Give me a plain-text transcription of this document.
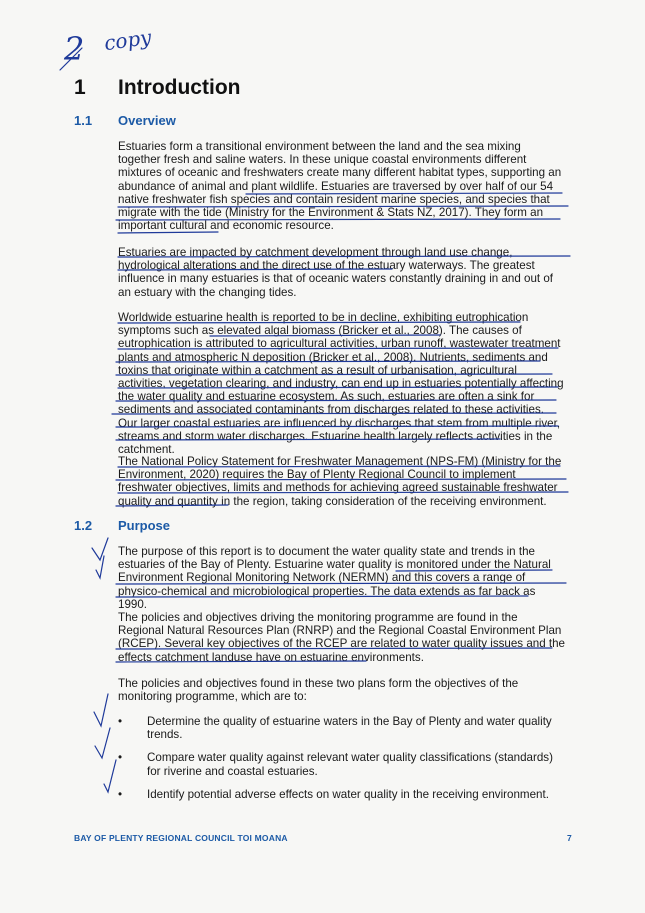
2 copy
1 Introduction
1.1 Overview

Estuaries form a transitional environment between the land and the sea mixing together fresh and saline waters. In these unique coastal environments different mixtures of oceanic and freshwaters create many different habitat types, supporting an abundance of animal and plant wildlife. Estuaries are traversed by over half of our 54 native freshwater fish species and contain resident marine species, and species that migrate with the tide (Ministry for the Environment & Stats NZ, 2017). They form an important cultural and economic resource.

Estuaries are impacted by catchment development through land use change, hydrological alterations and the direct use of the estuary waterways. The greatest influence in many estuaries is that of oceanic waters constantly draining in and out of an estuary with the changing tides.

Worldwide estuarine health is reported to be in decline, exhibiting eutrophication symptoms such as elevated algal biomass (Bricker et al., 2008). The causes of eutrophication is attributed to agricultural activities, urban runoff, wastewater treatment plants and atmospheric N deposition (Bricker et al., 2008). Nutrients, sediments and toxins that originate within a catchment as a result of urbanisation, agricultural activities, vegetation clearing, and industry, can end up in estuaries potentially affecting the water quality and estuarine ecosystem. As such, estuaries are often a sink for sediments and associated contaminants from discharges related to these activities. Our larger coastal estuaries are influenced by discharges that stem from multiple river, streams and storm water discharges. Estuarine health largely reflects activities in the catchment.

The National Policy Statement for Freshwater Management (NPS-FM) (Ministry for the Environment, 2020) requires the Bay of Plenty Regional Council to implement freshwater objectives, limits and methods for achieving agreed sustainable freshwater quality and quantity in the region, taking consideration of the receiving environment.

1.2 Purpose

The purpose of this report is to document the water quality state and trends in the estuaries of the Bay of Plenty. Estuarine water quality is monitored under the Natural Environment Regional Monitoring Network (NERMN) and this covers a range of physico-chemical and microbiological properties. The data extends as far back as 1990.

The policies and objectives driving the monitoring programme are found in the Regional Natural Resources Plan (RNRP) and the Regional Coastal Environment Plan (RCEP). Several key objectives of the RCEP are related to water quality issues and the effects catchment landuse have on estuarine environments.

The policies and objectives found in these two plans form the objectives of the monitoring programme, which are to:

• Determine the quality of estuarine waters in the Bay of Plenty and water quality trends.
• Compare water quality against relevant water quality classifications (standards) for riverine and coastal estuaries.
• Identify potential adverse effects on water quality in the receiving environment.
BAY OF PLENTY REGIONAL COUNCIL TOI MOANA	7
